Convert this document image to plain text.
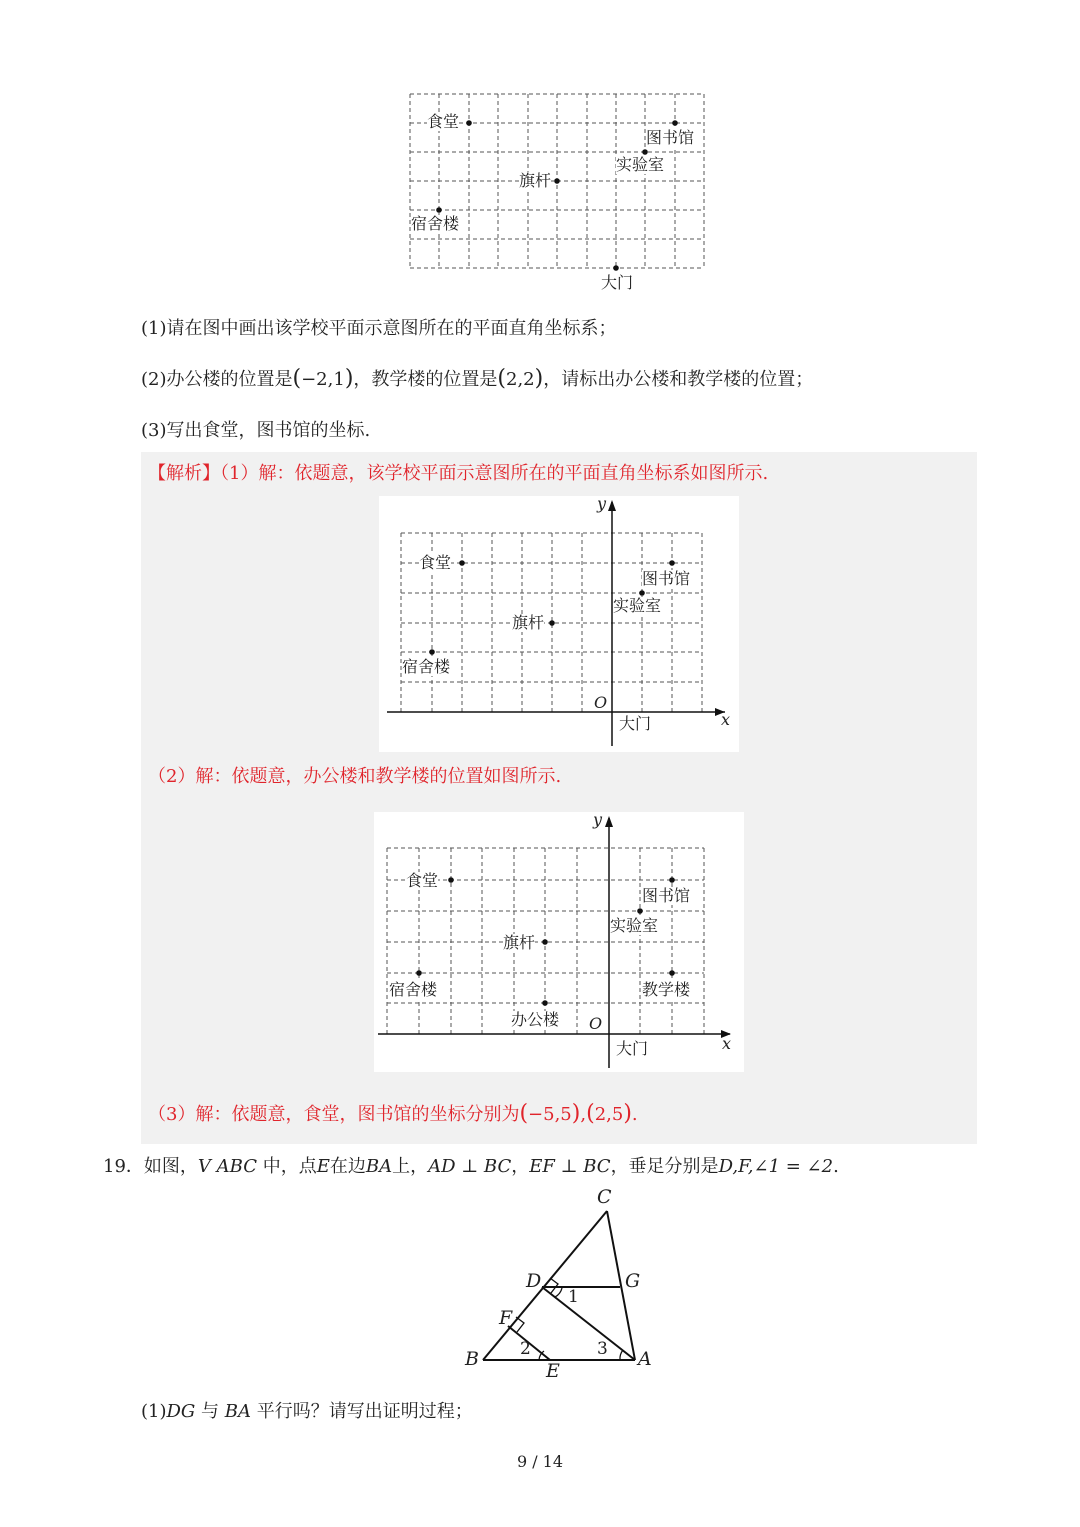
食堂
图书馆
实验室
旗杆
宿舍楼
大门
(1)请在图中画出该学校平面示意图所在的平面直角坐标系；
(2)办公楼的位置是(−2,1)，教学楼的位置是(2,2)，请标出办公楼和教学楼的位置；
(3)写出食堂，图书馆的坐标.
【解析】（1）解：依题意，该学校平面示意图所在的平面直角坐标系如图所示.
y
x
O
食堂
图书馆
实验室
旗杆
宿舍楼
大门
（2）解：依题意，办公楼和教学楼的位置如图所示.
y
x
O
食堂
图书馆
实验室
旗杆
宿舍楼	教学楼
办公楼
大门
（3）解：依题意，食堂，图书馆的坐标分别为(−5,5),(2,5).
19．如图，V ABC 中，点E在边BA上，AD ⊥ BC，EF ⊥ BC，垂足分别是D,F,∠1 = ∠2.
C
D	G
F
B
E
A
1
2	3
(1)DG 与 BA 平行吗？请写出证明过程；
9 / 14
